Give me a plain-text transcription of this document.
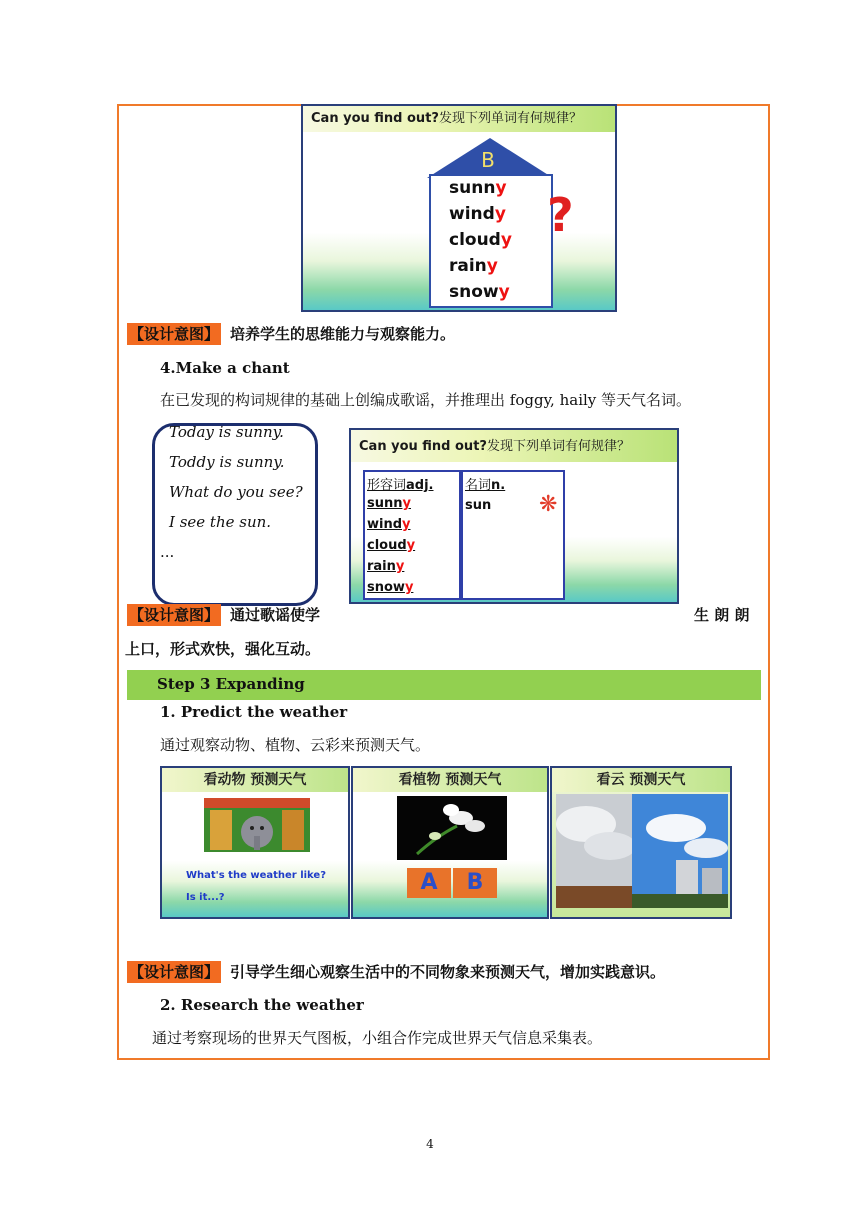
Can you find out?发现下列单词有何规律？
B
sunny
windy
cloudy
rainy
snowy
?
【设计意图】 培养学生的思维能力与观察能力。
4.Make a chant
在已发现的构词规律的基础上创编成歌谣，并推理出 foggy, haily 等天气名词。
Today is sunny.
Toddy is sunny.
What do you see?
I see the sun.
...
Can you find out?发现下列单词有何规律？
形容词adj. 名词n.
sunny
windy
cloudy
rainy
snowy
sun ❋
【设计意图】 通过歌谣使学	生 朗 朗
上口，形式欢快，强化互动。
Step 3 Expanding
1. Predict the weather
通过观察动物、植物、云彩来预测天气。
看动物 预测天气
What's the weather like?
Is it...?
看植物 预测天气
A	B
看云 预测天气
【设计意图】 引导学生细心观察生活中的不同物象来预测天气，增加实践意识。
2. Research the weather
通过考察现场的世界天气图板，小组合作完成世界天气信息采集表。
4
